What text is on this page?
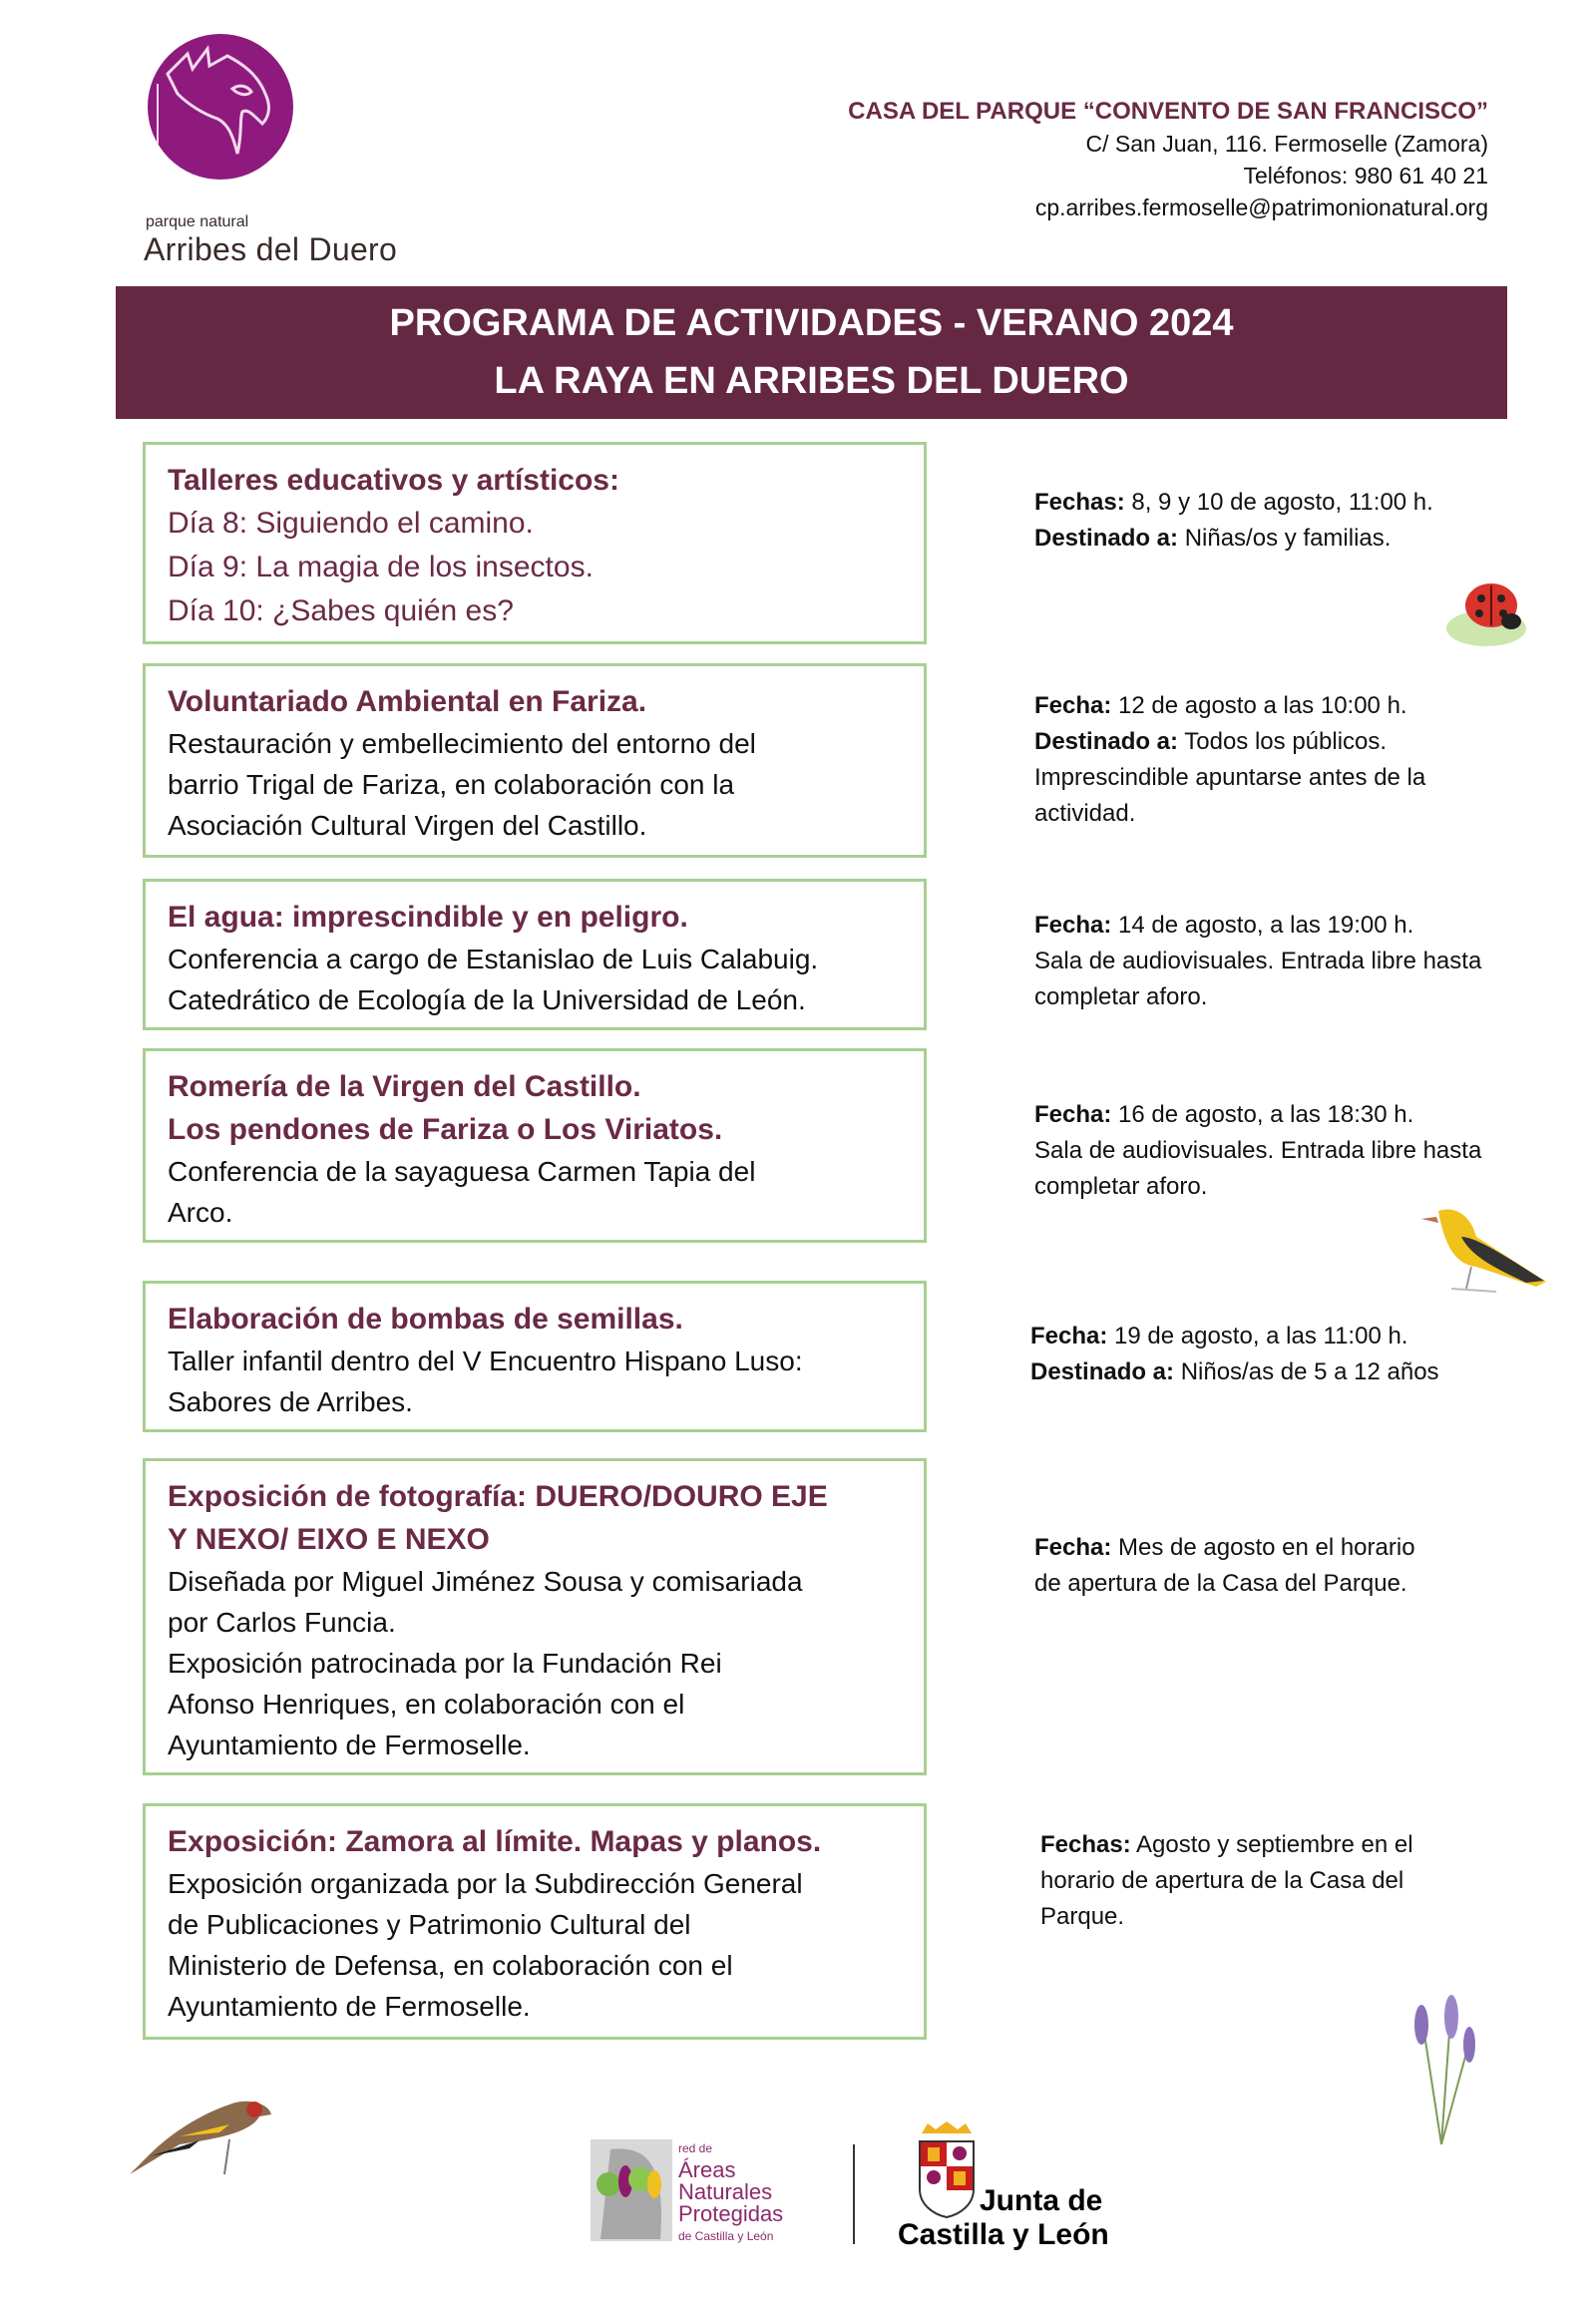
parque natural
Arribes del Duero
CASA DEL PARQUE “CONVENTO DE SAN FRANCISCO”
C/ San Juan, 116. Fermoselle (Zamora)
Teléfonos: 980 61 40 21
cp.arribes.fermoselle@patrimonionatural.org
PROGRAMA DE ACTIVIDADES - VERANO 2024
LA RAYA EN ARRIBES DEL DUERO
Talleres educativos y artísticos:
Día 8: Siguiendo el camino.
Día 9: La magia de los insectos.
Día 10: ¿Sabes quién es?
Fechas: 8, 9 y 10 de agosto, 11:00 h.
Destinado a: Niñas/os y familias.
Voluntariado Ambiental en Fariza.
Restauración y embellecimiento del entorno del
barrio Trigal de Fariza, en colaboración con la
Asociación Cultural Virgen del Castillo.
Fecha: 12 de agosto a las 10:00 h.
Destinado a: Todos los públicos.
Imprescindible apuntarse antes de la
actividad.
El agua: imprescindible y en peligro.
Conferencia a cargo de Estanislao de Luis Calabuig.
Catedrático de Ecología de la Universidad de León.
Fecha: 14 de agosto, a las 19:00 h.
Sala de audiovisuales. Entrada libre hasta
completar aforo.
Romería de la Virgen del Castillo.
Los pendones de Fariza o Los Viriatos.
Conferencia de la sayaguesa Carmen Tapia del
Arco.
Fecha: 16 de agosto, a las 18:30 h.
Sala de audiovisuales. Entrada libre hasta
completar aforo.
Elaboración de bombas de semillas.
Taller infantil dentro del V Encuentro Hispano Luso:
Sabores de Arribes.
Fecha: 19 de agosto, a las 11:00 h.
Destinado a: Niños/as de 5 a 12 años
Exposición de fotografía: DUERO/DOURO EJE
Y NEXO/ EIXO E NEXO
Diseñada por Miguel Jiménez Sousa y comisariada
por Carlos Funcia.
Exposición patrocinada por la Fundación Rei
Afonso Henriques, en colaboración con el
Ayuntamiento de Fermoselle.
Fecha: Mes de agosto en el horario
de apertura de la Casa del Parque.
Exposición: Zamora al límite. Mapas y planos.
Exposición organizada por la Subdirección General
de Publicaciones y Patrimonio Cultural del
Ministerio de Defensa, en colaboración con el
Ayuntamiento de Fermoselle.
Fechas: Agosto y septiembre en el
horario de apertura de la Casa del
Parque.
red de
Áreas
Naturales
Protegidas
de Castilla y León
Junta de
Castilla y León
